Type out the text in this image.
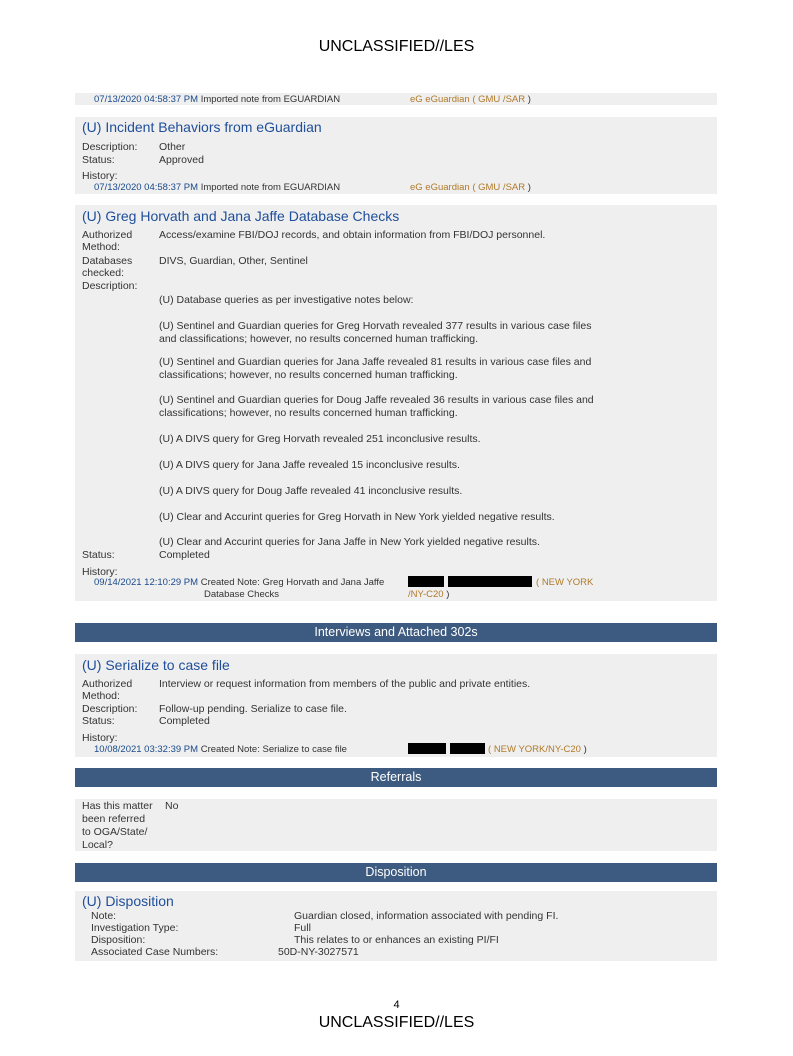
UNCLASSIFIED//LES
07/13/2020 04:58:37 PM Imported note from EGUARDIAN	eG eGuardian ( GMU /SAR )
(U) Incident Behaviors from eGuardian
Description: Other
Status:	Approved
History:
07/13/2020 04:58:37 PM Imported note from EGUARDIAN	eG eGuardian ( GMU /SAR )
(U) Greg Horvath and Jana Jaffe Database Checks
Authorized
Method:
Access/examine FBI/DOJ records, and obtain information from FBI/DOJ personnel.
Databases
checked:
DIVS, Guardian, Other, Sentinel
Description:
(U) Database queries as per investigative notes below:
(U) Sentinel and Guardian queries for Greg Horvath revealed 377 results in various case files and classifications; however, no results concerned human trafficking.
(U) Sentinel and Guardian queries for Jana Jaffe revealed 81 results in various case files and classifications; however, no results concerned human trafficking.
(U) Sentinel and Guardian queries for Doug Jaffe revealed 36 results in various case files and classifications; however, no results concerned human trafficking.
(U) A DIVS query for Greg Horvath revealed 251 inconclusive results.
(U) A DIVS query for Jana Jaffe revealed 15 inconclusive results.
(U) A DIVS query for Doug Jaffe revealed 41 inconclusive results.
(U) Clear and Accurint queries for Greg Horvath in New York yielded negative results.
(U) Clear and Accurint queries for Jana Jaffe in New York yielded negative results.
Status:	Completed
History:
09/14/2021 12:10:29 PM Created Note: Greg Horvath and Jana Jaffe
Database Checks
( NEW YORK
/NY-C20 )
Interviews and Attached 302s
(U) Serialize to case file
Authorized
Method:
Interview or request information from members of the public and private entities.
Description: Follow-up pending. Serialize to case file.
Status:	Completed
History:
10/08/2021 03:32:39 PM Created Note: Serialize to case file	( NEW YORK/NY-C20 )
Referrals
Has this matter
been referred
to OGA/State/
Local?
No
Disposition
(U) Disposition
Note:	Guardian closed, information associated with pending FI.
Investigation Type:	Full
Disposition:	This relates to or enhances an existing PI/FI
Associated Case Numbers:	50D-NY-3027571
4
UNCLASSIFIED//LES
